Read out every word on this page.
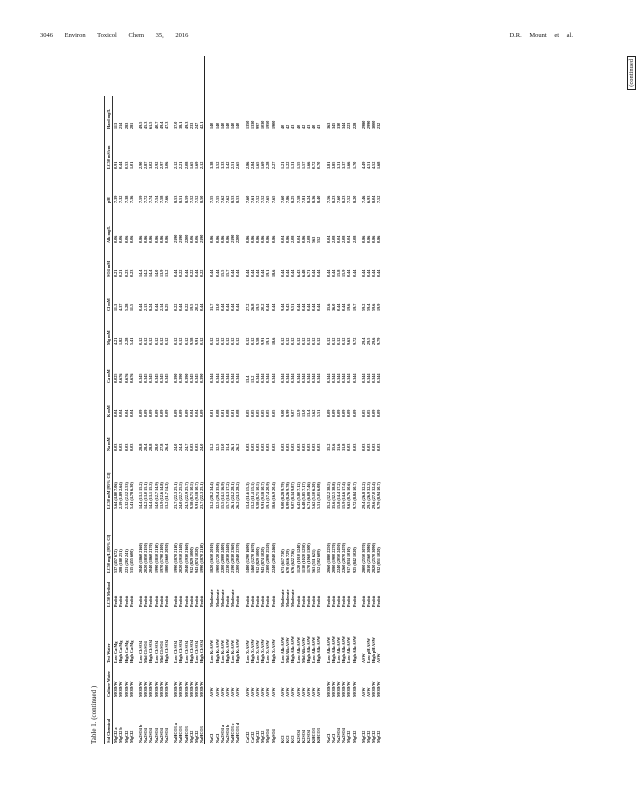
3046 Environ Toxicol Chem 35, 2016	D.R. Mount et al.
Table 1. (continued ) Std Chemical	Culture Water	Test Water	LC50 Method	LC50 mg/L [95% CI]	LC50 mM [95% CI]	Na mM	K mM	Ca mM	Mg mM	Cl mM	SO4 mM	Alk mg/L	pH	LC50 mS/cm	Hard mg/L	
MgCl2 a	MOD/W	Low Ca:Mg	Probit	537 (457 672)	5.64 (4.80 7.06)	0.03	0.04	0.025	4.21	11.3	0.21	0.06	7.39	0.91	113	
MgCl2 b	MOD/W	High Ca:Mg	Probit	208 (180 251)	2.19 (1.89 2.64)	0.03	0.04	0.676	1.82	4.37	0.21	0.06	7.32	0.44	214	
MgCl2	MOD/W	High Ca:Mg	Probit	221 (202 241)	2.32 (2.12 2.53)	0.03	0.04	0.676	2.28	5.28	0.23	0.06	7.38	0.53	283	
MgCl2	MOD/W	High Ca:Mg	Probit	515 (455 600)	5.41 (4.78 6.30)	0.03	0.04	0.676	5.41	11.5	0.23	0.06	7.36	1.01	281	

Na2SO4 b	MOD/W	Low Cl:SO4	Probit	2040 (1860 2160)	14.4 (13.1 15.2)	28.8	0.09	0.345	0.12	0.44	14.4	0.86	7.59	2.90	49.5	
Na2SO4	MOD/W	Mid Cl:SO4	Probit	2020 (1850 2150)	14.2 (13.0 15.1)	28.4	0.09	0.345	0.12	2.13	14.2	0.86	7.72	2.87	45.3	
Na2SO4	MOD/W	High Cl:SO4	Probit	2040 (1860 2170)	14.4 (13.1 15.3)	28.8	0.09	0.345	0.12	8.24	14.4	0.86	7.74	3.02	61.5	
Na2SO4	MOD/W	Low Cl:SO4	Probit	1990 (1810 2110)	14.0 (12.7 14.9)	28.0	0.09	0.345	0.12	0.44	14.0	0.86	7.54	2.92	40.7	
Na2SO4	MOD/W	Mid Cl:SO4	Probit	1970 (1790 2100)	13.9 (12.6 14.8)	27.8	0.09	0.345	0.12	2.14	13.9	0.86	7.58	2.97	49.4	
Na2SO4	MOD/W	High Cl:SO4	Probit	1880 (1660 2030)	13.2 (11.7 14.3)	26.4	0.09	0.345	0.12	8.25	13.2	0.86	7.66	3.06	47.3	

NaHCO3 a	MOD/W	Low Cl:SO4	Probit	1990 (1870 2110)	23.7 (22.3 25.1)	24.0	0.09	0.390	0.12	0.22	0.44	2190	8.53	2.12	37.0	
NaHCO3	MOD/W	High Cl:SO4	Probit	2020 (1910 2140)	24.0 (22.7 25.5)	24.4	0.09	0.390	0.12	0.44	0.22	2190	8.51	2.21	38.1	
NaHCO3	MOD/W	Low Cl:SO4	Probit	2040 (1930 2160)	24.3 (22.9 25.7)	24.7	0.09	0.390	0.12	0.22	0.44	2200	8.59	2.08	49.3	
MgCl2	MOD/W	High Cl:SO4	Probit	912 (829 1000)	9.58 (8.71 10.5)	0.03	0.04	0.345	9.58	19.5	0.22	0.06	7.52	1.65	233	
MgCl2	MOD/W	Low Cl:SO4	Probit	943 (874 1020)	9.91 (9.18 10.7)	0.03	0.04	0.345	9.91	20.2	0.44	0.06	7.52	1.69	247	
NaHCO3	MOD/W	High Cl:SO4	Probit	1990 (1870 2110)	23.7 (22.3 25.1)	24.0	0.09	0.390	0.12	0.44	0.22	2190	8.50	2.12	42.1	

NaCl	ASW	Low K:ASW	Moderate	1820 (1650 2010)	31.2 (28.2 34.4)	31.2	0.01	0.344	0.12	31.7	0.44	0.86	7.55	3.38	140	
NaCl	ASW	High K:ASW	Moderate	1900 (1720 2090)	32.5 (29.4 35.8)	32.5	0.08	0.344	0.12	33.0	0.44	0.86	7.55	3.52	140	
Na2SO4 a	ASW	Low K:ASW	Moderate	2200 (2000 2400)	15.5 (14.1 16.9)	31.0	0.01	0.344	0.12	0.44	15.5	0.86	7.62	3.33	140	
Na2SO4 b	ASW	High K:ASW	Probit	2230 (2030 2440)	15.7 (14.3 17.2)	31.4	0.08	0.344	0.12	0.44	15.7	0.86	7.62	3.42	140	
NaHCO3 c	ASW	Low K:ASW	Moderate	2190 (2030 2360)	26.1 (24.2 28.1)	26.1	0.01	0.344	0.12	0.44	0.44	2190	8.53	2.51	140	
NaHCO3 d	ASW	High K:ASW	Probit	2200 (2040 2370)	26.2 (24.3 28.2)	26.2	0.08	0.344	0.12	0.44	0.44	2200	8.53	2.65	140	

CaCl2	ASW	Low X:ASW	Probit	1480 (1290 1690)	13.4 (11.6 15.3)	0.03	0.05	13.4	0.12	27.2	0.44	0.86	7.60	2.86	1350	
CaCl2	ASW	High X:ASW	Probit	1460 (1270 1670)	13.2 (11.4 15.1)	0.03	0.05	13.2	0.12	26.8	0.44	0.86	7.61	2.84	1330	
MgCl2	ASW	Low X:ASW	Probit	912 (829 1000)	9.58 (8.71 10.5)	0.03	0.05	0.344	9.58	19.5	0.44	0.86	7.52	1.65	997	
MgCl2	ASW	High X:ASW	Probit	943 (874 1020)	9.91 (9.18 10.7)	0.03	0.05	0.344	9.91	20.2	0.44	0.86	7.52	1.69	1030	
MgSO4	ASW	Low X:ASW	Probit	2300 (2090 2520)	19.1 (17.4 20.9)	0.03	0.05	0.344	19.1	0.44	19.1	0.86	7.65	2.28	1950	
MgSO4	ASW	High X:ASW	Probit	2240 (2040 2460)	18.6 (16.9 20.4)	0.03	0.05	0.344	18.6	0.44	18.6	0.86	7.65	2.27	1900	

KCl	ASW	Low Alk:ASW	Moderate	671 (617 730)	9.00 (8.28 9.79)	0.03	9.00	0.344	0.12	9.44	0.44	0.04	7.60	1.21	40	
KCl	ASW	Mid Alk:ASW	Moderate	670 (616 729)	8.99 (8.26 9.78)	0.03	8.99	0.344	0.12	9.43	0.44	0.86	7.86	1.22	42	
KCl	ASW	High Alk:ASW	Moderate	676 (622 736)	9.07 (8.34 9.87)	0.03	9.07	0.344	0.12	9.51	0.44	2.08	8.25	1.31	43	
K2SO4	ASW	Low Alk:ASW	Probit	1120 (1010 1240)	6.43 (5.80 7.12)	0.03	12.9	0.344	0.12	0.44	6.43	0.04	7.58	1.55	40	
K2SO4	ASW	Mid Alk:ASW	Probit	1130 (1020 1250)	6.48 (5.85 7.17)	0.03	13.0	0.344	0.12	0.44	6.48	0.86	7.81	1.57	42	
K2SO4	ASW	High Alk:ASW	Probit	1170 (1060 1300)	6.71 (6.08 7.46)	0.03	13.4	0.344	0.12	0.44	6.71	2.08	8.24	1.66	43	
KHCO3	ASW	Low Alk:ASW	Probit	563 (511 621)	5.62 (5.10 6.20)	0.03	5.62	0.344	0.12	0.44	0.44	563	8.36	0.72	40	
KHCO3	ASW	High Alk:ASW	Probit	552 (502 609)	5.51 (5.01 6.08)	0.03	5.51	0.344	0.12	0.44	0.44	552	8.40	0.70	43	

NaCl	MOD/W	Low Alk:ASW	Probit	2060 (1880 2250)	35.2 (32.2 38.5)	35.2	0.09	0.344	0.12	35.6	0.44	0.04	7.56	3.81	363	
NaCl	MOD/W	High Alk:ASW	Probit	2080 (1900 2270)	35.6 (32.5 38.8)	35.6	0.09	0.344	0.12	36.0	0.44	2.08	8.23	3.85	345	
Na2SO4	MOD/W	Low Alk:ASW	Probit	2240 (2050 2450)	15.8 (14.4 17.2)	31.6	0.09	0.344	0.12	0.44	15.8	0.04	7.60	3.31	330	
Na2SO4	MOD/W	High Alk:ASW	Probit	2260 (2070 2470)	15.9 (14.6 17.4)	31.8	0.09	0.344	0.12	0.44	15.9	2.08	8.23	3.37	344	
MgCl2	MOD/W	Low Alk:ASW	Probit	917 (834 1010)	9.63 (8.76 10.6)	0.03	0.09	0.344	9.63	19.6	0.44	0.04	7.52	1.66	223	
MgCl2	MOD/W	High Alk:ASW	Probit	925 (842 1020)	9.72 (8.84 10.7)	0.03	0.09	0.344	9.72	19.7	0.44	2.08	8.20	1.70	228	

MgCl2	ASW	ASW	Probit	2800 (2550 3070)	29.4 (26.8 32.2)	0.03	0.05	0.344	29.4	59.2	0.44	0.86	7.46	4.49	2980	
MgCl2	ASW	Low pH ASW	Probit	2810 (2560 3080)	29.5 (26.9 32.3)	0.03	0.05	0.344	29.5	59.4	0.44	0.86	6.93	4.51	2990	
MgCl2	MOD/W	High pH ASW	Probit	2820 (2570 3090)	29.6 (27.0 32.4)	0.03	0.09	0.344	29.6	59.6	0.44	0.86	8.04	4.52	3000	
MgCl2	MOD/W	ASW	Probit	932 (851 1020)	9.79 (8.94 10.7)	0.03	0.09	0.344	9.79	19.9	0.44	0.86	7.52	1.68	232	
(continued
